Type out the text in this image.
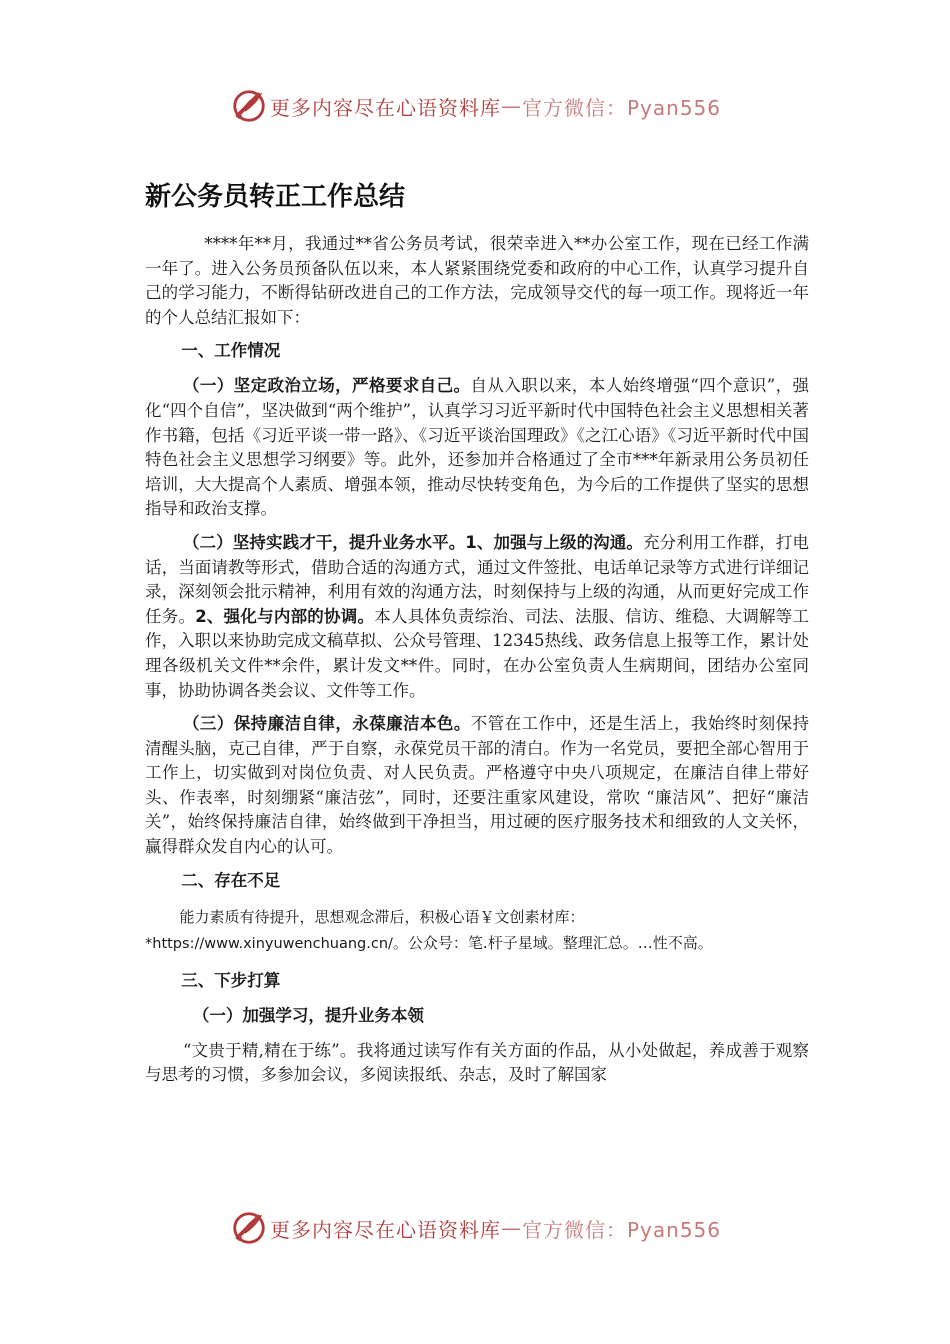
更多内容尽在心语资料库 — 官方微信：Pyan556
新公务员转正工作总结

****年**月，我通过**省公务员考试，很荣幸进入**办公室工作，现在已经工作满一年了。进入公务员预备队伍以来，本人紧紧围绕党委和政府的中心工作，认真学习提升自己的学习能力，不断得钻研改进自己的工作方法，完成领导交代的每一项工作。现将近一年的个人总结汇报如下：

一、工作情况

（一）坚定政治立场，严格要求自己。自从入职以来，本人始终增强“四个意识”，强化“四个自信”，坚决做到“两个维护”，认真学习习近平新时代中国特色社会主义思想相关著作书籍，包括《习近平谈一带一路》、《习近平谈治国理政》《之江心语》《习近平新时代中国特色社会主义思想学习纲要》等。此外，还参加并合格通过了全市***年新录用公务员初任培训，大大提高个人素质、增强本领，推动尽快转变角色，为今后的工作提供了坚实的思想指导和政治支撑。

（二）坚持实践才干，提升业务水平。1、加强与上级的沟通。充分利用工作群，打电话，当面请教等形式，借助合适的沟通方式，通过文件签批、电话单记录等方式进行详细记录，深刻领会批示精神，利用有效的沟通方法，时刻保持与上级的沟通，从而更好完成工作任务。2、强化与内部的协调。本人具体负责综治、司法、法服、信访、维稳、大调解等工作，入职以来协助完成文稿草拟、公众号管理、12345热线、政务信息上报等工作，累计处理各级机关文件**余件，累计发文**件。同时，在办公室负责人生病期间，团结办公室同事，协助协调各类会议、文件等工作。

（三）保持廉洁自律，永葆廉洁本色。不管在工作中，还是生活上，我始终时刻保持清醒头脑，克己自律，严于自察，永葆党员干部的清白。作为一名党员，要把全部心智用于工作上，切实做到对岗位负责、对人民负责。严格遵守中央八项规定，在廉洁自律上带好头、作表率，时刻绷紧“廉洁弦”，同时，还要注重家风建设，常吹 “廉洁风”、把好“廉洁关”，始终保持廉洁自律，始终做到干净担当，用过硬的医疗服务技术和细致的人文关怀，赢得群众发自内心的认可。

二、存在不足

能力素质有待提升，思想观念滞后，积极心语￥文创素材库：*https://www.xinyuwenchuang.cn/。公众号：笔.杆子星域。整理汇总。…性不高。

三、下步打算
（一）加强学习，提升业务本领

“文贵于精,精在于练”。我将通过读写作有关方面的作品，从小处做起，养成善于观察与思考的习惯，多参加会议，多阅读报纸、杂志，及时了解国家

更多内容尽在心语资料库 — 官方微信：Pyan556
